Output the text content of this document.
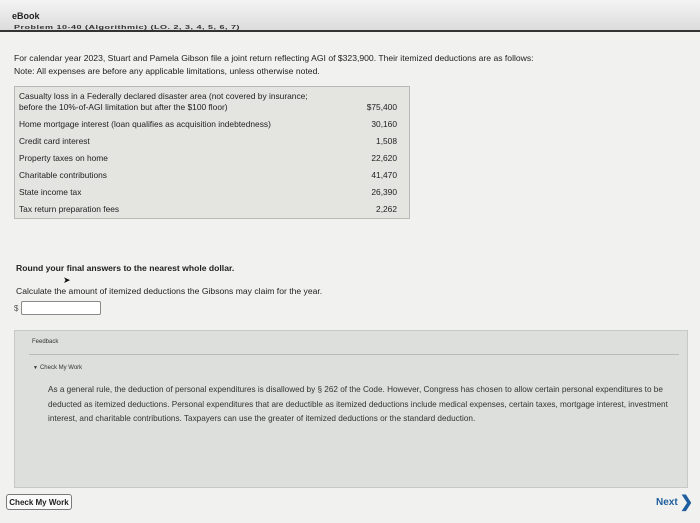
eBook
Problem 10-40 (Algorithmic) (LO. 2, 3, 4, 5, 6, 7)
For calendar year 2023, Stuart and Pamela Gibson file a joint return reflecting AGI of $323,900. Their itemized deductions are as follows:
Note: All expenses are before any applicable limitations, unless otherwise noted.
Casualty loss in a Federally declared disaster area (not covered by insurance; before the 10%-of-AGI limitation but after the $100 floor)	$75,400
Home mortgage interest (loan qualifies as acquisition indebtedness)	30,160
Credit card interest	1,508
Property taxes on home	22,620
Charitable contributions	41,470
State income tax	26,390
Tax return preparation fees	2,262
Round your final answers to the nearest whole dollar.
➤
Calculate the amount of itemized deductions the Gibsons may claim for the year.
$
Feedback
▼ Check My Work
As a general rule, the deduction of personal expenditures is disallowed by § 262 of the Code. However, Congress has chosen to allow certain personal expenditures to be deducted as itemized deductions. Personal expenditures that are deductible as itemized deductions include medical expenses, certain taxes, mortgage interest, investment interest, and charitable contributions. Taxpayers can use the greater of itemized deductions or the standard deduction.
Check My Work	Next ❯
